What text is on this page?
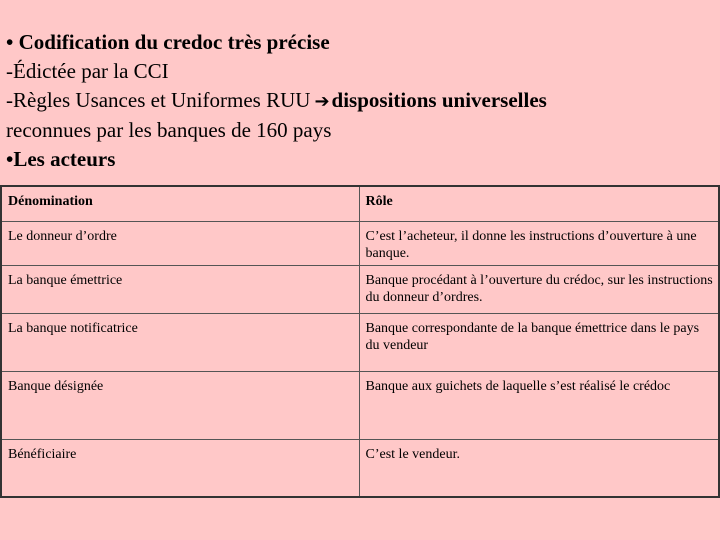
• Codification du credoc très précise
-Édictée par la CCI
-Règles Usances et Uniformes RUU ➔dispositions universelles
reconnues par les banques de 160 pays
•Les acteurs
Dénomination	Rôle
Le donneur d’ordre	C’est l’acheteur, il donne les instructions d’ouverture à une banque.
La banque émettrice	Banque procédant à l’ouverture du crédoc, sur les instructions du donneur d’ordres.
La banque notificatrice	Banque correspondante de la banque émettrice dans le pays du vendeur
Banque désignée	Banque aux guichets de laquelle s’est réalisé le crédoc
Bénéficiaire	C’est le vendeur.
